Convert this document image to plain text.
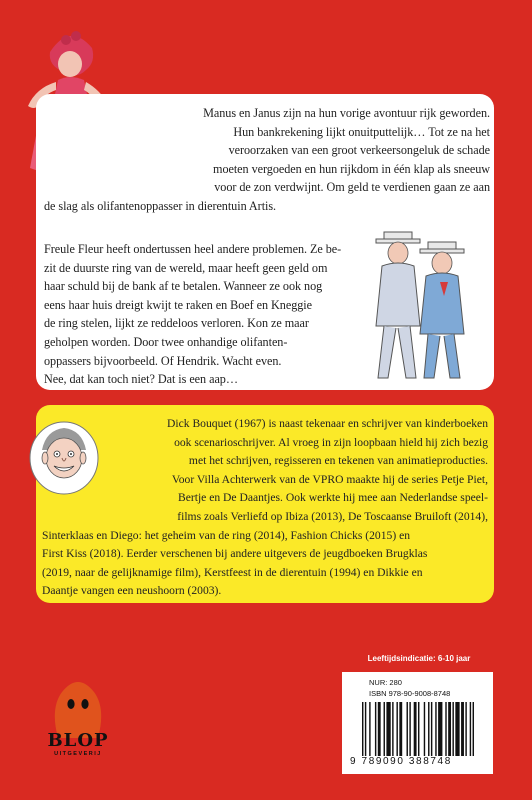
Manus en Janus zijn na hun vorige avontuur rijk geworden.
Hun bankrekening lijkt onuitputtelijk… Tot ze na het
veroorzaken van een groot verkeersongeluk de schade
moeten vergoeden en hun rijkdom in één klap als sneeuw
voor de zon verdwijnt. Om geld te verdienen gaan ze aan
de slag als olifantenoppasser in dierentuin Artis.

Freule Fleur heeft ondertussen heel andere problemen. Ze be-
zit de duurste ring van de wereld, maar heeft geen geld om
haar schuld bij de bank af te betalen. Wanneer ze ook nog
eens haar huis dreigt kwijt te raken en Boef en Kneggie
de ring stelen, lijkt ze reddeloos verloren. Kon ze maar
geholpen worden. Door twee onhandige olifanten-
oppassers bijvoorbeeld. Of Hendrik. Wacht even.
Nee, dat kan toch niet? Dat is een aap…

Dick Bouquet (1967) is naast tekenaar en schrijver van kinderboeken
ook scenarioschrijver. Al vroeg in zijn loopbaan hield hij zich bezig
met het schrijven, regisseren en tekenen van animatieproducties.
Voor Villa Achterwerk van de VPRO maakte hij de series Petje Piet,
Bertje en De Daantjes. Ook werkte hij mee aan Nederlandse speel-
films zoals Verliefd op Ibiza (2013), De Toscaanse Bruiloft (2014),
Sinterklaas en Diego: het geheim van de ring (2014), Fashion Chicks (2015) en
First Kiss (2018). Eerder verschenen bij andere uitgevers de jeugdboeken Brugklas
(2019, naar de gelijknamige film), Kerstfeest in de dierentuin (1994) en Dikkie en
Daantje vangen een neushoorn (2003).

BLOP
UITGEVERIJ
Leeftijdsindicatie: 6-10 jaar
NUR: 280
ISBN 978-90-9008-8748
9 789090 388748
